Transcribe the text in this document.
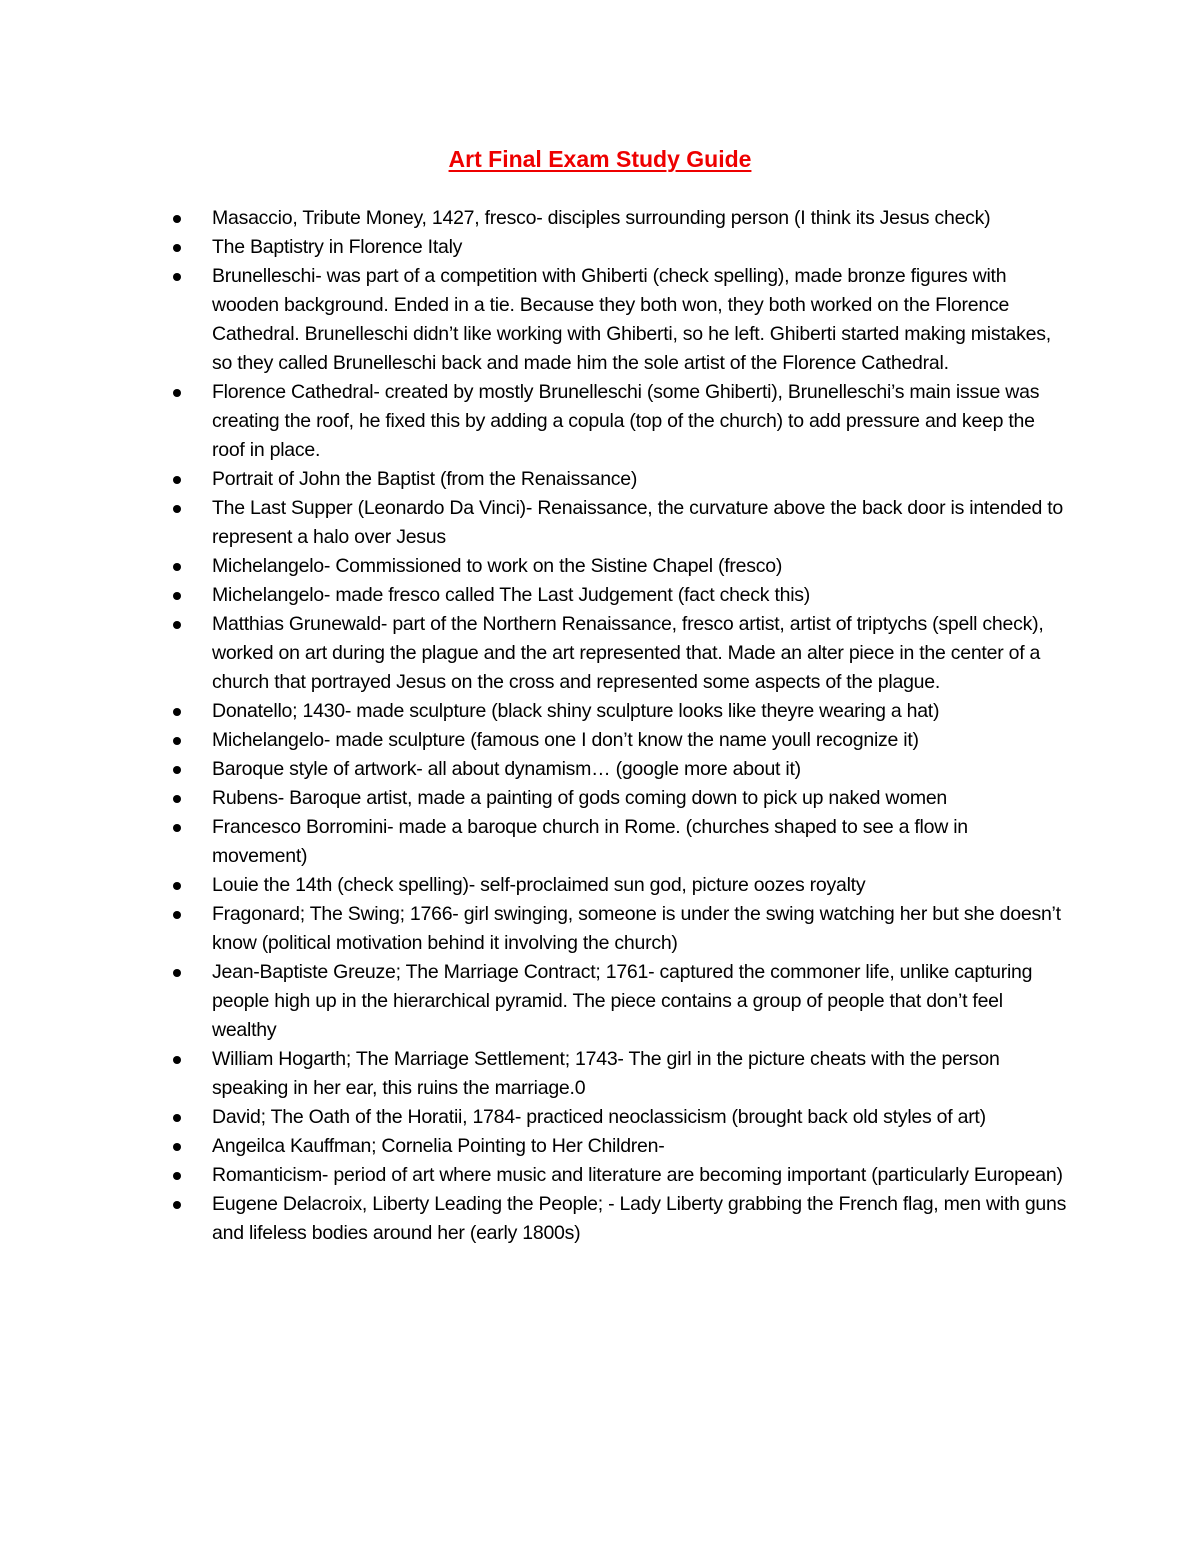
Art Final Exam Study Guide
Masaccio, Tribute Money, 1427, fresco- disciples surrounding person (I think its Jesus check)
The Baptistry in Florence Italy
Brunelleschi- was part of a competition with Ghiberti (check spelling), made bronze figures with wooden background. Ended in a tie. Because they both won, they both worked on the Florence Cathedral. Brunelleschi didn’t like working with Ghiberti, so he left. Ghiberti started making mistakes, so they called Brunelleschi back and made him the sole artist of the Florence Cathedral.
Florence Cathedral- created by mostly Brunelleschi (some Ghiberti), Brunelleschi’s main issue was creating the roof, he fixed this by adding a copula (top of the church) to add pressure and keep the roof in place.
Portrait of John the Baptist (from the Renaissance)
The Last Supper (Leonardo Da Vinci)- Renaissance, the curvature above the back door is intended to represent a halo over Jesus
Michelangelo- Commissioned to work on the Sistine Chapel (fresco)
Michelangelo- made fresco called The Last Judgement (fact check this)
Matthias Grunewald- part of the Northern Renaissance, fresco artist, artist of triptychs (spell check), worked on art during the plague and the art represented that. Made an alter piece in the center of a church that portrayed Jesus on the cross and represented some aspects of the plague.
Donatello; 1430- made sculpture (black shiny sculpture looks like theyre wearing a hat)
Michelangelo- made sculpture (famous one I don’t know the name youll recognize it)
Baroque style of artwork- all about dynamism… (google more about it)
Rubens- Baroque artist, made a painting of gods coming down to pick up naked women
Francesco Borromini- made a baroque church in Rome. (churches shaped to see a flow in movement)
Louie the 14th (check spelling)- self-proclaimed sun god, picture oozes royalty
Fragonard; The Swing; 1766- girl swinging, someone is under the swing watching her but she doesn’t know (political motivation behind it involving the church)
Jean-Baptiste Greuze; The Marriage Contract; 1761- captured the commoner life, unlike capturing people high up in the hierarchical pyramid. The piece contains a group of people that don’t feel wealthy
William Hogarth; The Marriage Settlement; 1743- The girl in the picture cheats with the person speaking in her ear, this ruins the marriage.0
David; The Oath of the Horatii, 1784- practiced neoclassicism (brought back old styles of art)
Angeilca Kauffman; Cornelia Pointing to Her Children-
Romanticism- period of art where music and literature are becoming important (particularly European)
Eugene Delacroix, Liberty Leading the People; - Lady Liberty grabbing the French flag, men with guns and lifeless bodies around her (early 1800s)
